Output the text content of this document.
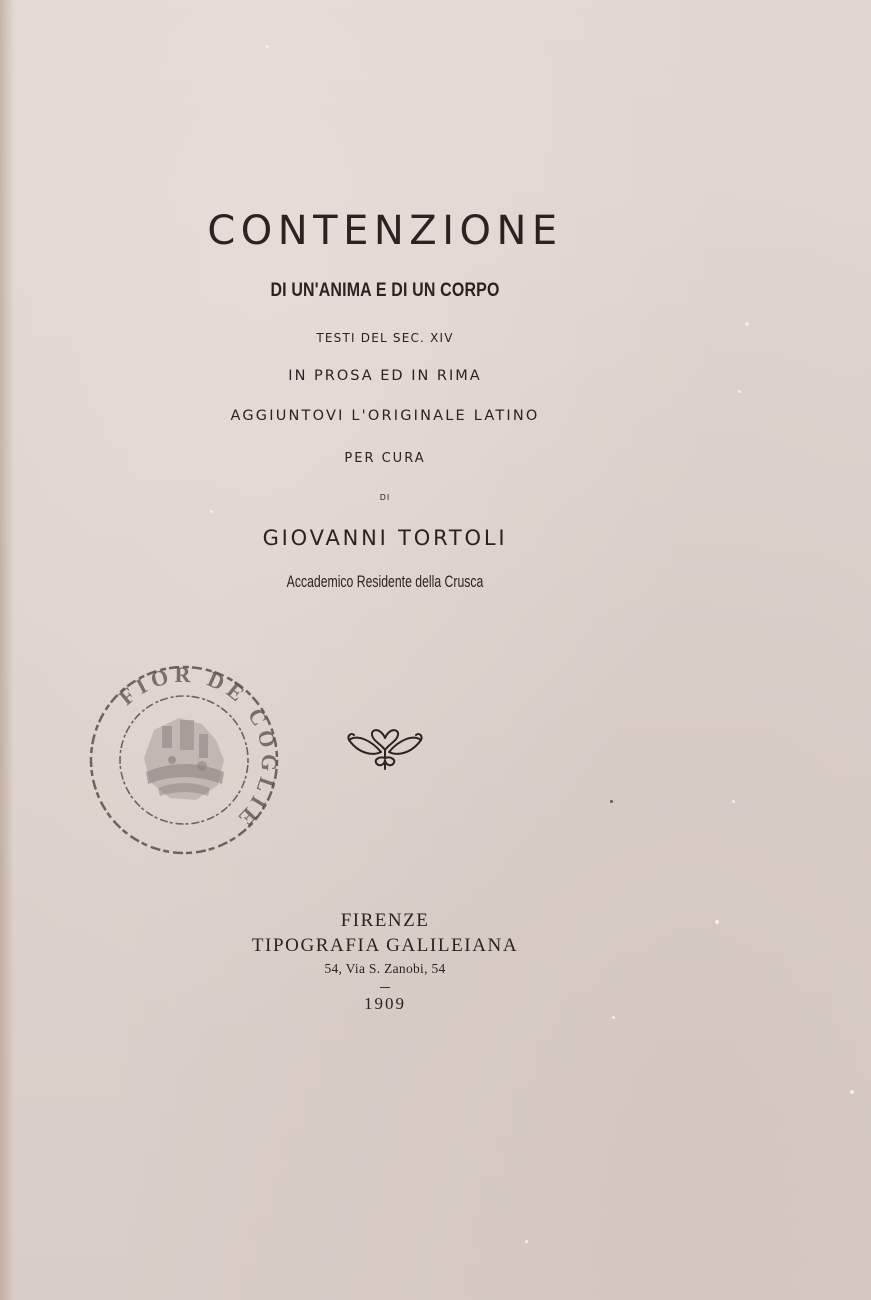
CONTENZIONE
DI UN'ANIMA E DI UN CORPO
TESTI DEL SEC. XIV
IN PROSA ED IN RIMA
AGGIUNTOVI L'ORIGINALE LATINO
PER CURA
DI
GIOVANNI TORTOLI
Accademico Residente della Crusca
FIOR DE COGLIE
FIRENZE
TIPOGRAFIA GALILEIANA
54, Via S. Zanobi, 54
1909
